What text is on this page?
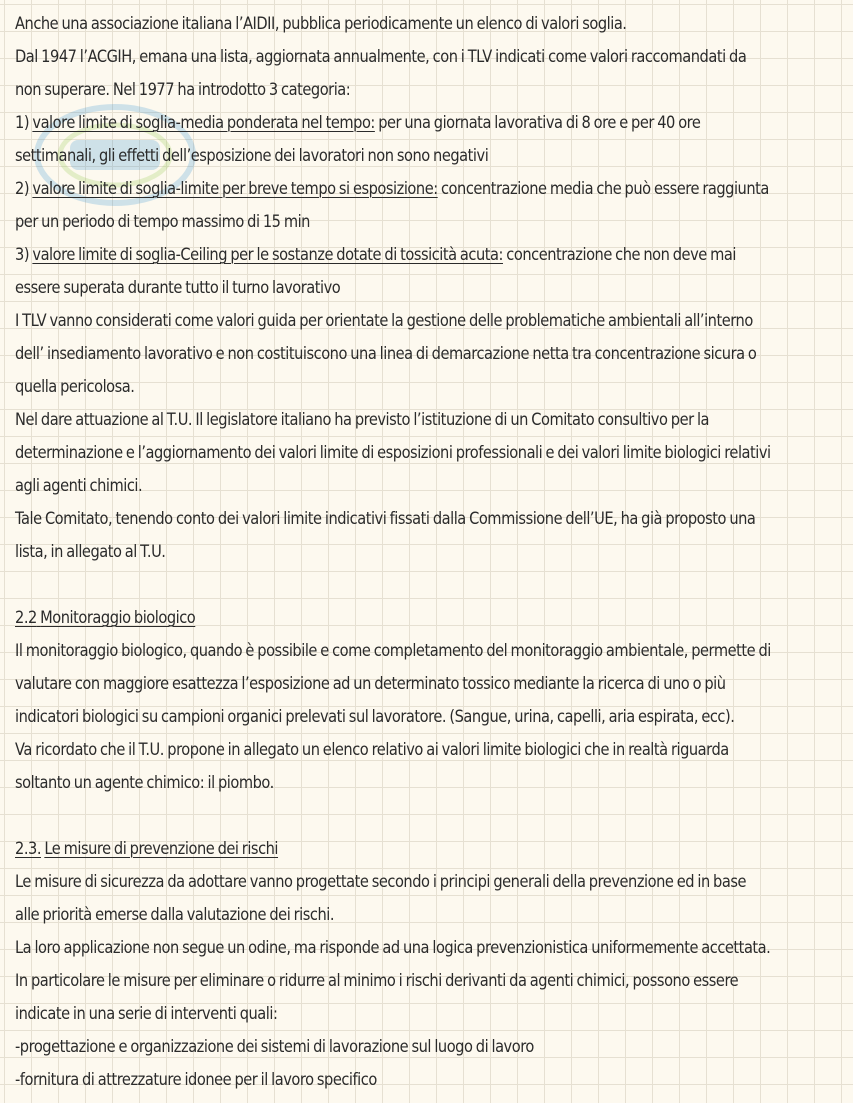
Anche una associazione italiana l’AIDII, pubblica periodicamente un elenco di valori soglia.
Dal 1947 l’ACGIH, emana una lista, aggiornata annualmente, con i TLV indicati come valori raccomandati da
non superare. Nel 1977 ha introdotto 3 categoria:
1) valore limite di soglia-media ponderata nel tempo: per una giornata lavorativa di 8 ore e per 40 ore
settimanali, gli effetti dell’esposizione dei lavoratori non sono negativi
2) valore limite di soglia-limite per breve tempo si esposizione: concentrazione media che può essere raggiunta
per un periodo di tempo massimo di 15 min
3) valore limite di soglia-Ceiling per le sostanze dotate di tossicità acuta: concentrazione che non deve mai
essere superata durante tutto il turno lavorativo
I TLV vanno considerati come valori guida per orientate la gestione delle problematiche ambientali all’interno
dell’ insediamento lavorativo e non costituiscono una linea di demarcazione netta tra concentrazione sicura o
quella pericolosa.
Nel dare attuazione al T.U. Il legislatore italiano ha previsto l’istituzione di un Comitato consultivo per la
determinazione e l’aggiornamento dei valori limite di esposizioni professionali e dei valori limite biologici relativi
agli agenti chimici.
Tale Comitato, tenendo conto dei valori limite indicativi fissati dalla Commissione dell’UE, ha già proposto una
lista, in allegato al T.U.
2.2 Monitoraggio biologico
Il monitoraggio biologico, quando è possibile e come completamento del monitoraggio ambientale, permette di
valutare con maggiore esattezza l’esposizione ad un determinato tossico mediante la ricerca di uno o più
indicatori biologici su campioni organici prelevati sul lavoratore. (Sangue, urina, capelli, aria espirata, ecc).
Va ricordato che il T.U. propone in allegato un elenco relativo ai valori limite biologici che in realtà riguarda
soltanto un agente chimico: il piombo.
2.3. Le misure di prevenzione dei rischi
Le misure di sicurezza da adottare vanno progettate secondo i principi generali della prevenzione ed in base
alle priorità emerse dalla valutazione dei rischi.
La loro applicazione non segue un odine, ma risponde ad una logica prevenzionistica uniformemente accettata.
In particolare le misure per eliminare o ridurre al minimo i rischi derivanti da agenti chimici, possono essere
indicate in una serie di interventi quali:
-progettazione e organizzazione dei sistemi di lavorazione sul luogo di lavoro
-fornitura di attrezzature idonee per il lavoro specifico
